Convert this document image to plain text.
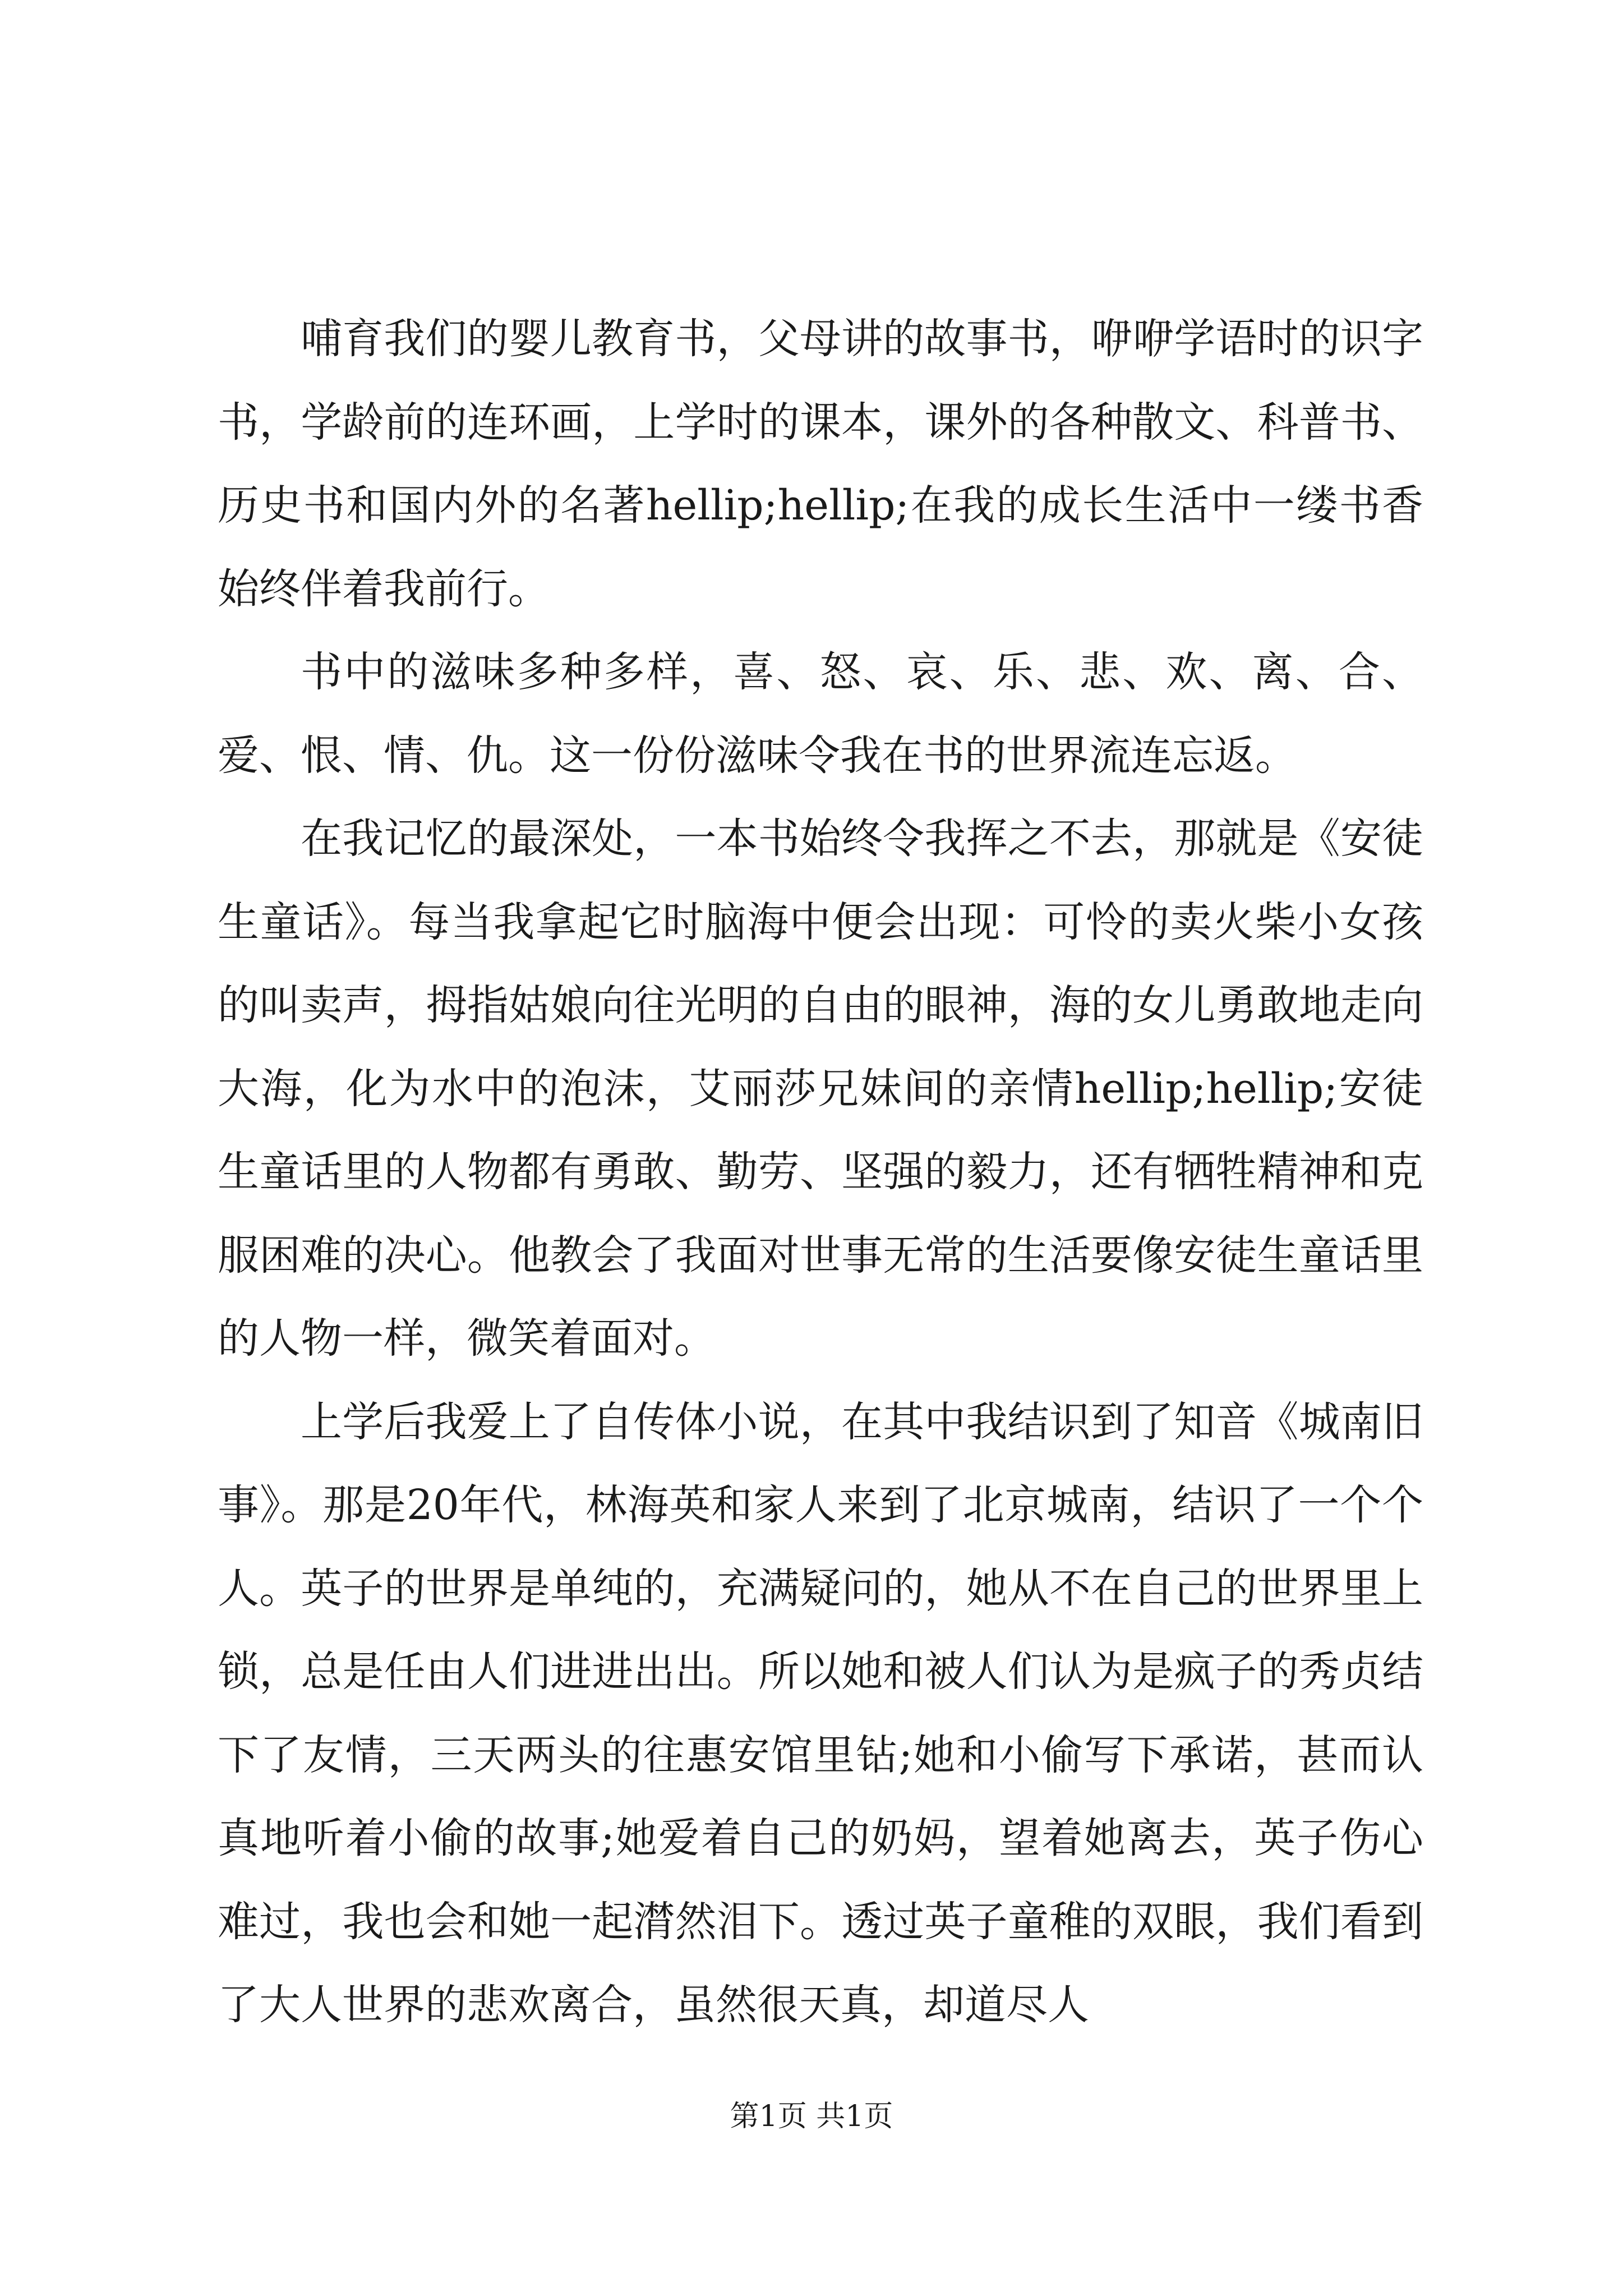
哺育我们的婴儿教育书，父母讲的故事书，咿咿学语时的识字书，学龄前的连环画，上学时的课本，课外的各种散文、科普书、历史书和国内外的名著hellip;hellip;在我的成长生活中一缕书香始终伴着我前行。

书中的滋味多种多样，喜、怒、哀、乐、悲、欢、离、合、爱、恨、情、仇。这一份份滋味令我在书的世界流连忘返。

在我记忆的最深处，一本书始终令我挥之不去，那就是《安徒生童话》。每当我拿起它时脑海中便会出现：可怜的卖火柴小女孩的叫卖声，拇指姑娘向往光明的自由的眼神，海的女儿勇敢地走向大海，化为水中的泡沫，艾丽莎兄妹间的亲情hellip;hellip;安徒生童话里的人物都有勇敢、勤劳、坚强的毅力，还有牺牲精神和克服困难的决心。他教会了我面对世事无常的生活要像安徒生童话里的人物一样，微笑着面对。

上学后我爱上了自传体小说，在其中我结识到了知音《城南旧事》。那是20年代，林海英和家人来到了北京城南，结识了一个个人。英子的世界是单纯的，充满疑问的，她从不在自己的世界里上锁，总是任由人们进进出出。所以她和被人们认为是疯子的秀贞结下了友情，三天两头的往惠安馆里钻;她和小偷写下承诺，甚而认真地听着小偷的故事;她爱着自己的奶妈，望着她离去，英子伤心难过，我也会和她一起潸然泪下。透过英子童稚的双眼，我们看到了大人世界的悲欢离合，虽然很天真，却道尽人

第1页 共1页
